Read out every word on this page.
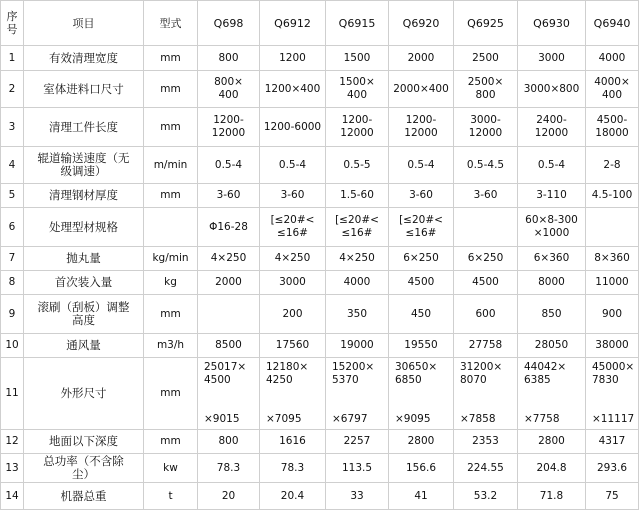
序
号	项目	型式	Q698	Q6912	Q6915	Q6920	Q6925	Q6930	Q6940
1	有效清理宽度	mm	800	1200	1500	2000	2500	3000	4000
2	室体进料口尺寸	mm	800×
400	1200×400	1500×
400	2000×400	2500×
800	3000×800	4000×
400
3	清理工件长度	mm	1200-
12000	1200-6000	1200-
12000	1200-
12000	3000-
12000	2400-12000	4500-
18000
4	辊道输送速度（无
级调速）	m/min	0.5-4	0.5-4	0.5-5	0.5-4	0.5-4.5	0.5-4	2-8
5	清理钢材厚度	mm	3-60	3-60	1.5-60	3-60	3-60	3-110	4.5-100
6	处理型材规格		Φ16-28	[≤20#<
≤16#	[≤20#<
≤16#	[≤20#<
≤16#		60×8-300
×1000	
7	抛丸量	kg/min	4×250	4×250	4×250	6×250	6×250	6×360	8×360
8	首次装入量	kg	2000	3000	4000	4500	4500	8000	11000
9	滚刷（刮板）调整
高度	mm		200	350	450	600	850	900
10	通风量	m3/h	8500	17560	19000	19550	27758	28050	38000
11	外形尺寸	mm	25017×
4500

×9015	12180×
4250

×7095	15200×
5370

×6797	30650×
6850

×9095	31200×
8070

×7858	44042×
6385

×7758	45000×
7830

×11117
12	地面以下深度	mm	800	1616	2257	2800	2353	2800	4317
13	总功率（不含除
尘）	kw	78.3	78.3	113.5	156.6	224.55	204.8	293.6
14	机器总重	t	20	20.4	33	41	53.2	71.8	75
